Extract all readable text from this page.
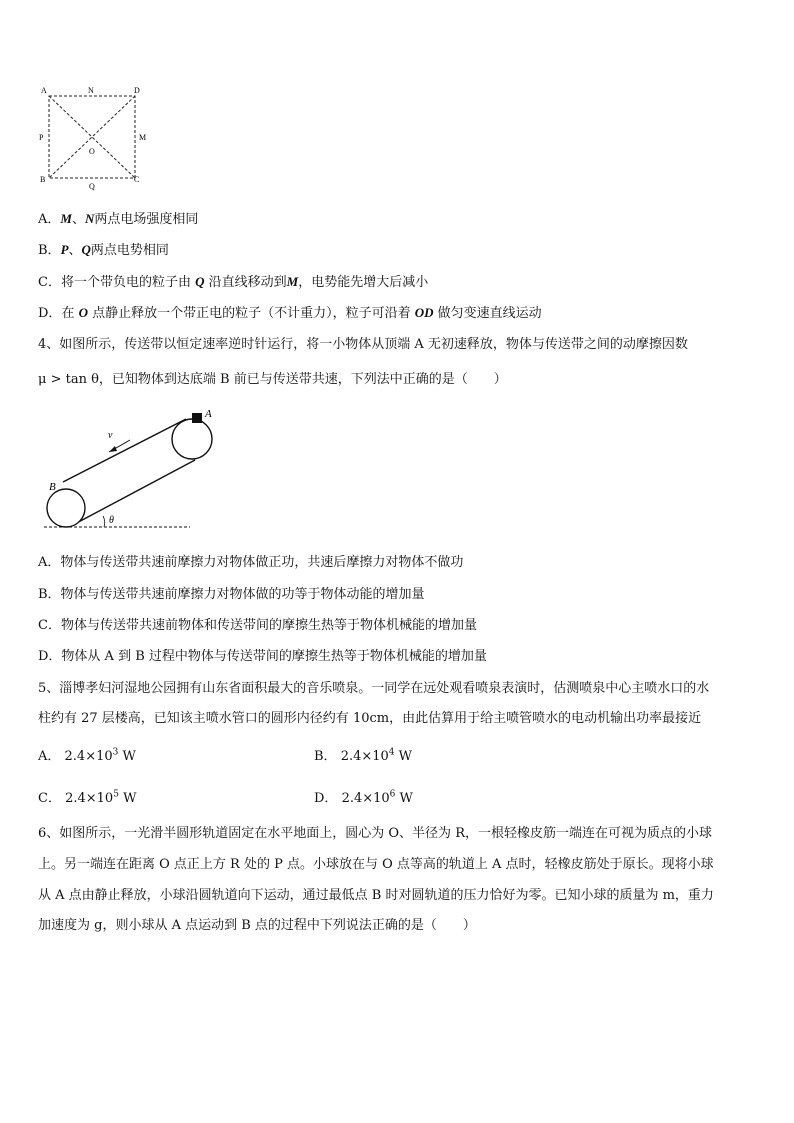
A	N	D
P	M
O
B
Q
C
A．M、N两点电场强度相同
B．P、Q两点电势相同
C．将一个带负电的粒子由 Q 沿直线移动到M，电势能先增大后减小
D．在 O 点静止释放一个带正电的粒子（不计重力），粒子可沿着 OD 做匀变速直线运动
4、如图所示，传送带以恒定速率逆时针运行，将一小物体从顶端 A 无初速释放，物体与传送带之间的动摩擦因数
μ > tan θ，已知物体到达底端 B 前已与传送带共速，下列法中正确的是（　　）
A
B
v
θ
A．物体与传送带共速前摩擦力对物体做正功，共速后摩擦力对物体不做功
B．物体与传送带共速前摩擦力对物体做的功等于物体动能的增加量
C．物体与传送带共速前物体和传送带间的摩擦生热等于物体机械能的增加量
D．物体从 A 到 B 过程中物体与传送带间的摩擦生热等于物体机械能的增加量
5、淄博孝妇河湿地公园拥有山东省面积最大的音乐喷泉。一同学在远处观看喷泉表演时，估测喷泉中心主喷水口的水
柱约有 27 层楼高，已知该主喷水管口的圆形内径约有 10cm，由此估算用于给主喷管喷水的电动机输出功率最接近
A． $2.4\times 10^3$ W	B． $2.4\times 10^4$ W
C． $2.4\times 10^5$ W	D． $2.4\times 10^6$ W
6、如图所示，一光滑半圆形轨道固定在水平地面上，圆心为 O、半径为 R，一根轻橡皮筋一端连在可视为质点的小球
上。另一端连在距离 O 点正上方 R 处的 P 点。小球放在与 O 点等高的轨道上 A 点时，轻橡皮筋处于原长。现将小球
从 A 点由静止释放，小球沿圆轨道向下运动，通过最低点 B 时对圆轨道的压力恰好为零。已知小球的质量为 m，重力
加速度为 g，则小球从 A 点运动到 B 点的过程中下列说法正确的是（　　）
